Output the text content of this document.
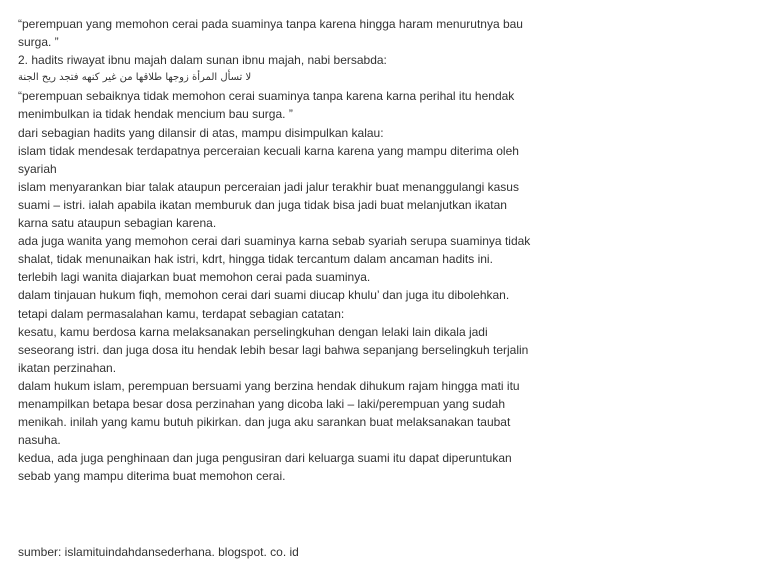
“perempuan yang memohon cerai pada suaminya tanpa karena hingga haram menurutnya bau
surga. ”
2. hadits riwayat ibnu majah dalam sunan ibnu majah, nabi bersabda:
لا تسأل المرأة زوجها طلاقها من غير كنهه فتجد ريح الجنة
“perempuan sebaiknya tidak memohon cerai suaminya tanpa karena karna perihal itu hendak
menimbulkan ia tidak hendak mencium bau surga. ”
dari sebagian hadits yang dilansir di atas, mampu disimpulkan kalau:
islam tidak mendesak terdapatnya perceraian kecuali karna karena yang mampu diterima oleh
syariah
islam menyarankan biar talak ataupun perceraian jadi jalur terakhir buat menanggulangi kasus
suami – istri. ialah apabila ikatan memburuk dan juga tidak bisa jadi buat melanjutkan ikatan
karna satu ataupun sebagian karena.
ada juga wanita yang memohon cerai dari suaminya karna sebab syariah serupa suaminya tidak
shalat, tidak menunaikan hak istri, kdrt, hingga tidak tercantum dalam ancaman hadits ini.
terlebih lagi wanita diajarkan buat memohon cerai pada suaminya.
dalam tinjauan hukum fiqh, memohon cerai dari suami diucap khulu’ dan juga itu dibolehkan.
tetapi dalam permasalahan kamu, terdapat sebagian catatan:
kesatu, kamu berdosa karna melaksanakan perselingkuhan dengan lelaki lain dikala jadi
seseorang istri. dan juga dosa itu hendak lebih besar lagi bahwa sepanjang berselingkuh terjalin
ikatan perzinahan.
dalam hukum islam, perempuan bersuami yang berzina hendak dihukum rajam hingga mati itu
menampilkan betapa besar dosa perzinahan yang dicoba laki – laki/perempuan yang sudah
menikah. inilah yang kamu butuh pikirkan. dan juga aku sarankan buat melaksanakan taubat
nasuha.
kedua, ada juga penghinaan dan juga pengusiran dari keluarga suami itu dapat diperuntukan
sebab yang mampu diterima buat memohon cerai.
sumber: islamituindahdansederhana. blogspot. co. id
